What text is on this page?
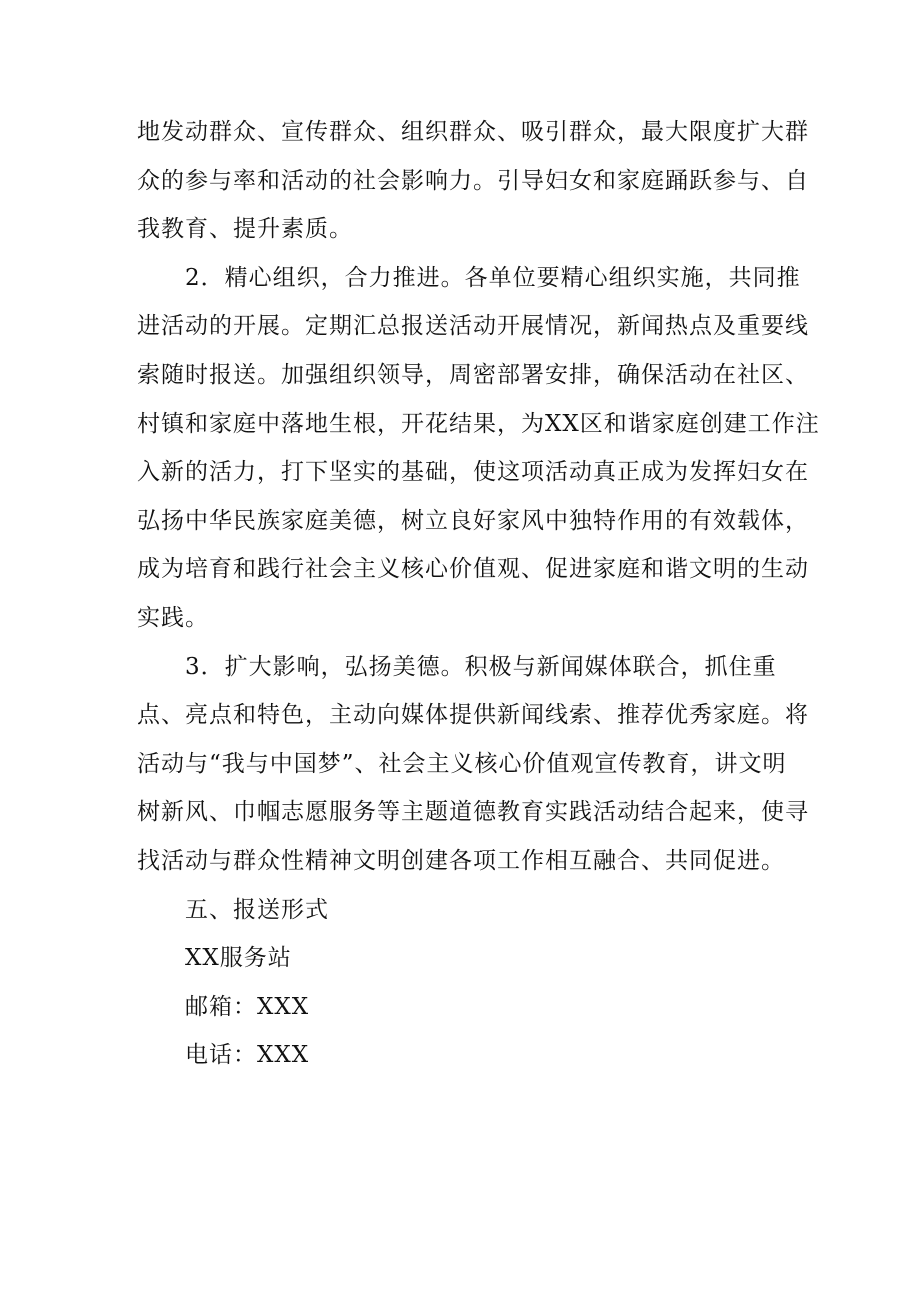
地发动群众、宣传群众、组织群众、吸引群众，最大限度扩大群
众的参与率和活动的社会影响力。引导妇女和家庭踊跃参与、自
我教育、提升素质。
2．精心组织，合力推进。各单位要精心组织实施，共同推
进活动的开展。定期汇总报送活动开展情况，新闻热点及重要线
索随时报送。加强组织领导，周密部署安排，确保活动在社区、
村镇和家庭中落地生根，开花结果，为XX区和谐家庭创建工作注
入新的活力，打下坚实的基础，使这项活动真正成为发挥妇女在
弘扬中华民族家庭美德，树立良好家风中独特作用的有效载体，
成为培育和践行社会主义核心价值观、促进家庭和谐文明的生动
实践。
3．扩大影响，弘扬美德。积极与新闻媒体联合，抓住重
点、亮点和特色，主动向媒体提供新闻线索、推荐优秀家庭。将
活动与“我与中国梦”、社会主义核心价值观宣传教育，讲文明
树新风、巾帼志愿服务等主题道德教育实践活动结合起来，使寻
找活动与群众性精神文明创建各项工作相互融合、共同促进。
五、报送形式
XX服务站
邮箱：XXX
电话：XXX
